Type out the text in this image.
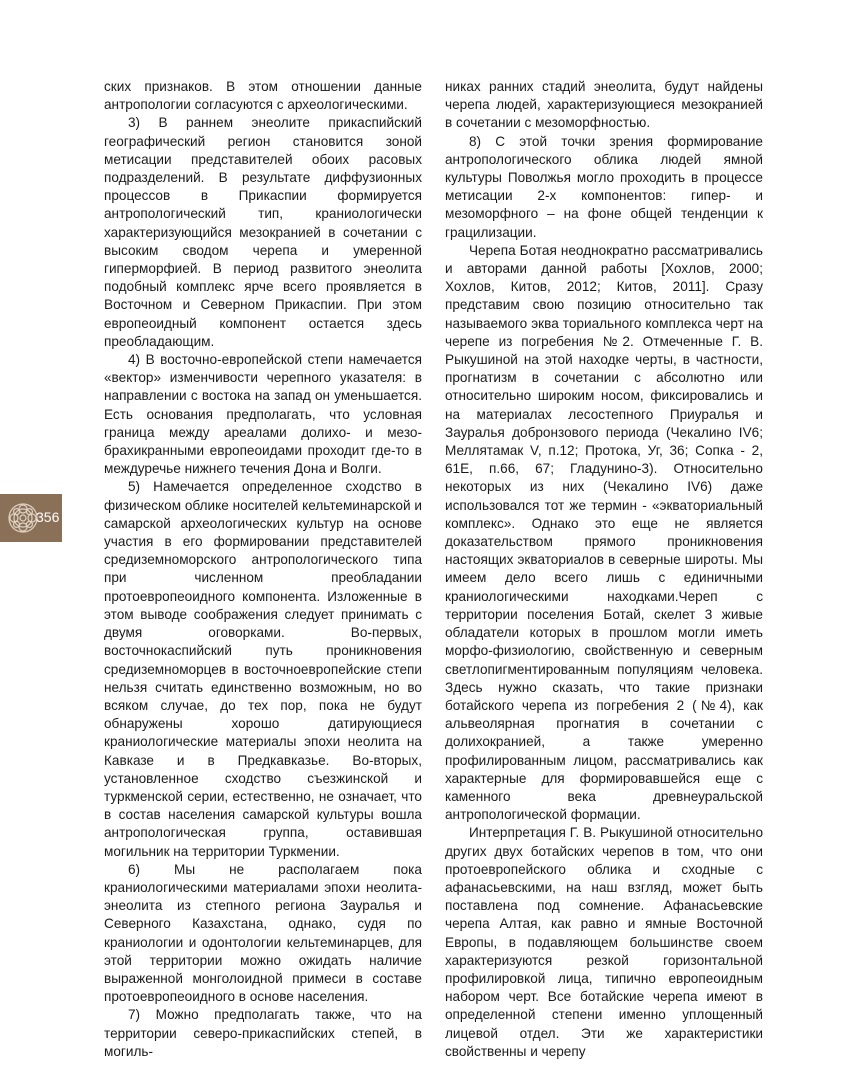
ских признаков. В этом отношении данные антропологии согласуются с археологическими.

3) В раннем энеолите прикаспийский географический регион становится зоной метисации представителей обоих расовых подразделений. В результате диффузионных процессов в Прикаспии формируется антропологический тип, краниологически характеризующийся мезокранией в сочетании с высоким сводом черепа и умеренной гиперморфией. В период развитого энеолита подобный комплекс ярче всего проявляется в Восточном и Северном Прикаспии. При этом европеоидный компонент остается здесь преобладающим.

4) В восточно-европейской степи намечается «вектор» изменчивости черепного указателя: в направлении с востока на запад он уменьшается. Есть основания предполагать, что условная граница между ареалами долихо- и мезо-брахикранными европеоидами проходит где-то в междуречье нижнего течения Дона и Волги.

5) Намечается определенное сходство в физическом облике носителей кельтеминарской и самарской археологических культур на основе участия в его формировании представителей средиземноморского антропологического типа при численном преобладании протоевропеоидного компонента. Изложенные в этом выводе соображения следует принимать с двумя оговорками. Во-первых, восточнокаспийский путь проникновения средиземноморцев в восточноевропейские степи нельзя считать единственно возможным, но во всяком случае, до тех пор, пока не будут обнаружены хорошо датирующиеся краниологические материалы эпохи неолита на Кавказе и в Предкавказье. Во-вторых, установленное сходство съезжинской и туркменской серии, естественно, не означает, что в состав населения самарской культуры вошла антропологическая группа, оставившая могильник на территории Туркмении.

6) Мы не располагаем пока краниологическими материалами эпохи неолита-энеолита из степного региона Зауралья и Северного Казахстана, однако, судя по краниологии и одонтологии кельтеминарцев, для этой территории можно ожидать наличие выраженной монголоидной примеси в составе протоевропеоидного в основе населения.

7) Можно предполагать также, что на территории северо-прикаспийских степей, в могиль-

никах ранних стадий энеолита, будут найдены черепа людей, характеризующиеся мезокранией в сочетании с мезоморфностью.

8) С этой точки зрения формирование антропологического облика людей ямной культуры Поволжья могло проходить в процессе метисации 2-х компонентов: гипер- и мезоморфного – на фоне общей тенденции к грацилизации.

Черепа Ботая неоднократно рассматривались и авторами данной работы [Хохлов, 2000; Хохлов, Китов, 2012; Китов, 2011]. Сразу представим свою позицию относительно так называемого эква ториального комплекса черт на черепе из погребения №2. Отмеченные Г. В. Рыкушиной на этой находке черты, в частности, прогнатизм в сочетании с абсолютно или относительно широким носом, фиксировались и на материалах лесостепного Приуралья и Зауралья добронзового периода (Чекалино IV6; Меллятамак V, п.12; Протока, Уг, 36; Сопка - 2, 61Е, п.66, 67; Гладунино-3). Относительно некоторых из них (Чекалино IV6) даже использовался тот же термин - «экваториальный комплекс». Однако это еще не является доказательством прямого проникновения настоящих экваториалов в северные широты. Мы имеем дело всего лишь с единичными краниологическими находками.Череп с территории поселения Ботай, скелет 3 живые обладатели которых в прошлом могли иметь морфо-физиологию, свойственную и северным светлопигментированным популяциям человека. Здесь нужно сказать, что такие признаки ботайского черепа из погребения 2 (№4), как альвеолярная прогнатия в сочетании с долихокранией, а также умеренно профилированным лицом, рассматривались как характерные для формировавшейся еще с каменного века древнеуральской антропологической формации.

Интерпретация Г. В. Рыкушиной относительно других двух ботайских черепов в том, что они протоевропейского облика и сходные с афанасьевскими, на наш взгляд, может быть поставлена под сомнение. Афанасьевские черепа Алтая, как равно и ямные Восточной Европы, в подавляющем большинстве своем характеризуются резкой горизонтальной профилировкой лица, типично европеоидным набором черт. Все ботайские черепа имеют в определенной степени именно уплощенный лицевой отдел. Эти же характеристики свойственны и черепу

356
